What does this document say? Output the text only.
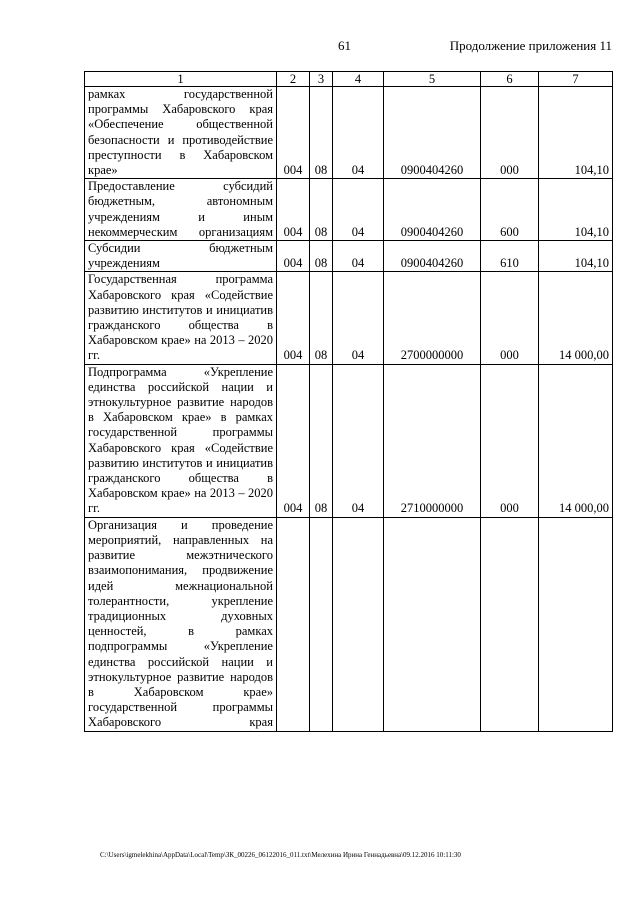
61	Продолжение приложения 11
1	2	3	4	5	6	7
рамках государственной программы Хабаровского края «Обеспечение общественной безопасности и противодействие преступности в Хабаровском крае»	004	08	04	0900404260	000	104,10
Предоставление субсидий бюджетным, автономным учреждениям и иным некоммерческим организациям	004	08	04	0900404260	600	104,10
Субсидии бюджетным учреждениям	004	08	04	0900404260	610	104,10
Государственная программа Хабаровского края «Содействие развитию институтов и инициатив гражданского общества в Хабаровском крае» на 2013 – 2020 гг.	004	08	04	2700000000	000	14 000,00
Подпрограмма «Укрепление единства российской нации и этнокультурное развитие народов в Хабаровском крае» в рамках государственной программы Хабаровского края «Содействие развитию институтов и инициатив гражданского общества в Хабаровском крае» на 2013 – 2020 гг.	004	08	04	2710000000	000	14 000,00
Организация и проведение мероприятий, направленных на развитие межэтнического взаимопонимания, продвижение идей межнациональной толерантности, укрепление традиционных духовных ценностей, в рамках подпрограммы «Укрепление единства российской нации и этнокультурное развитие народов в Хабаровском крае» государственной программы Хабаровского края						
C:\Users\igmelekhina\AppData\Local\Temp\ЗК_00226_06122016_011.txt\Мелехина Ирина Геннадьевна\09.12.2016 10:11:30
